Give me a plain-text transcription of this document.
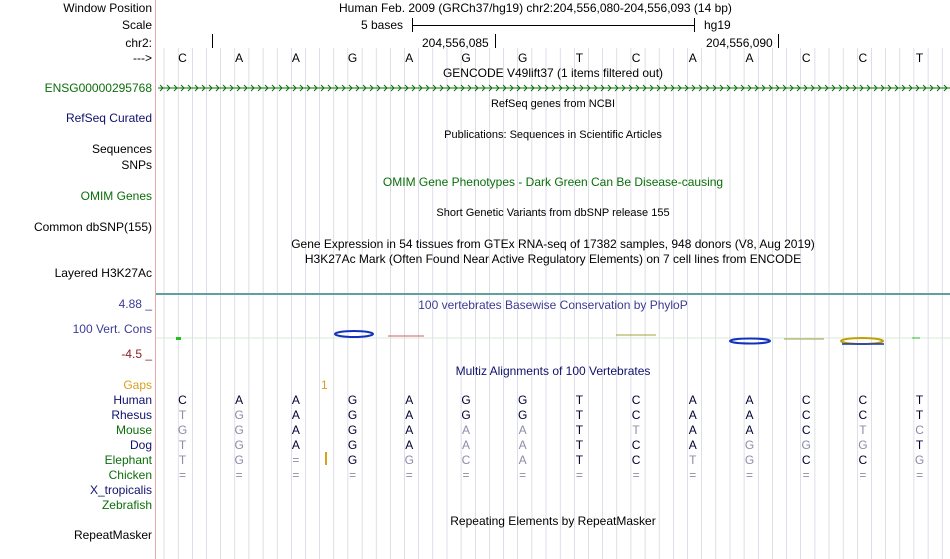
Window Position	Human Feb. 2009 (GRCh37/hg19) chr2:204,556,080-204,556,093 (14 bp)
Scale	5 bases	hg19
chr2:	204,556,085	204,556,090
---> C	A	A	G	A	G	G	T	C	A	A	C	C	T
GENCODE V49lift37 (1 items filtered out)
ENSG00000295768
RefSeq genes from NCBI
RefSeq Curated
Publications: Sequences in Scientific Articles
Sequences
SNPs
OMIM Gene Phenotypes - Dark Green Can Be Disease-causing
OMIM Genes
Short Genetic Variants from dbSNP release 155
Common dbSNP(155)
Gene Expression in 54 tissues from GTEx RNA-seq of 17382 samples, 948 donors (V8, Aug 2019)
H3K27Ac Mark (Often Found Near Active Regulatory Elements) on 7 cell lines from ENCODE
Layered H3K27Ac
4.88 _	100 vertebrates Basewise Conservation by PhyloP
100 Vert. Cons
-4.5 _
Multiz Alignments of 100 Vertebrates
Gaps	1
Human C	A	A	G	A	G	G	T	C	A	A	C	C	T
Rhesus T	G	A	G	A	G	G	T	C	A	A	C	C	T
Mouse G	G	A	G	A	A	A	T	T	A	A	C	T	C
Dog T	G	A	G	A	A	A	T	C	A	G	G	G	T
Elephant T	G	=	G	G	C	A	T	C	T	G	C	C	G
Chicken =	=	=	=	=	=	=	=	=	=	=	=	=	=
X_tropicalis
Zebrafish
Repeating Elements by RepeatMasker
RepeatMasker
